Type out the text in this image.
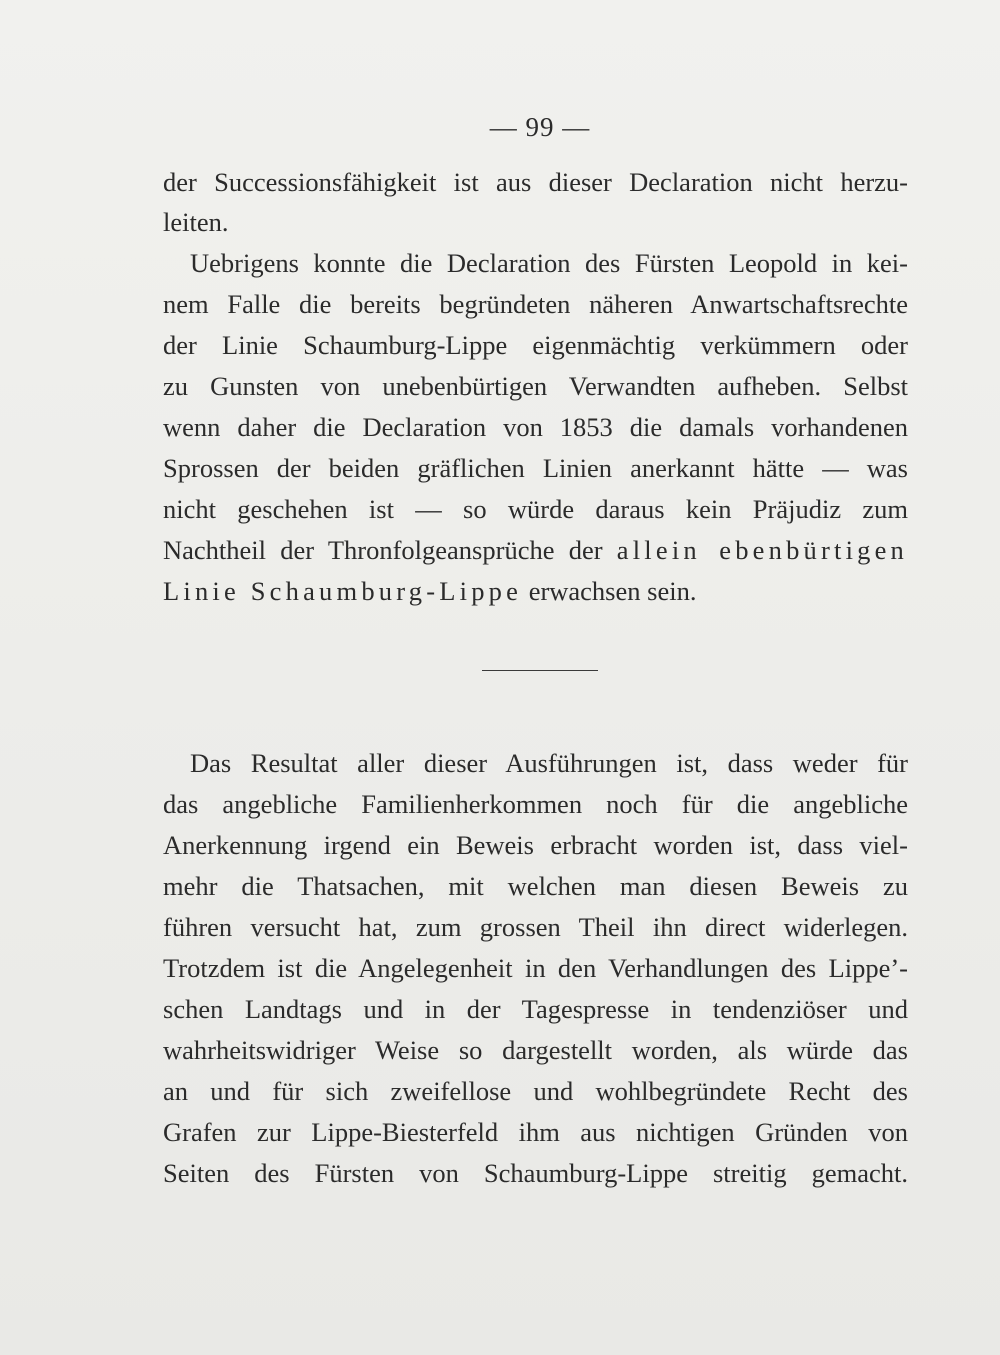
— 99 —
der Successionsfähigkeit ist aus dieser Declaration nicht herzu-
leiten.
Uebrigens konnte die Declaration des Fürsten Leopold in kei-
nem Falle die bereits begründeten näheren Anwartschaftsrechte
der Linie Schaumburg-Lippe eigenmächtig verkümmern oder
zu Gunsten von unebenbürtigen Verwandten aufheben. Selbst
wenn daher die Declaration von 1853 die damals vorhandenen
Sprossen der beiden gräflichen Linien anerkannt hätte — was
nicht geschehen ist — so würde daraus kein Präjudiz zum
Nachtheil der Thronfolgeansprüche der allein ebenbürtigen
Linie Schaumburg-Lippe erwachsen sein.
Das Resultat aller dieser Ausführungen ist, dass weder für
das angebliche Familienherkommen noch für die angebliche
Anerkennung irgend ein Beweis erbracht worden ist, dass viel-
mehr die Thatsachen, mit welchen man diesen Beweis zu
führen versucht hat, zum grossen Theil ihn direct widerlegen.
Trotzdem ist die Angelegenheit in den Verhandlungen des Lippe’-
schen Landtags und in der Tagespresse in tendenziöser und
wahrheitswidriger Weise so dargestellt worden, als würde das
an und für sich zweifellose und wohlbegründete Recht des
Grafen zur Lippe-Biesterfeld ihm aus nichtigen Gründen von
Seiten des Fürsten von Schaumburg-Lippe streitig gemacht.
